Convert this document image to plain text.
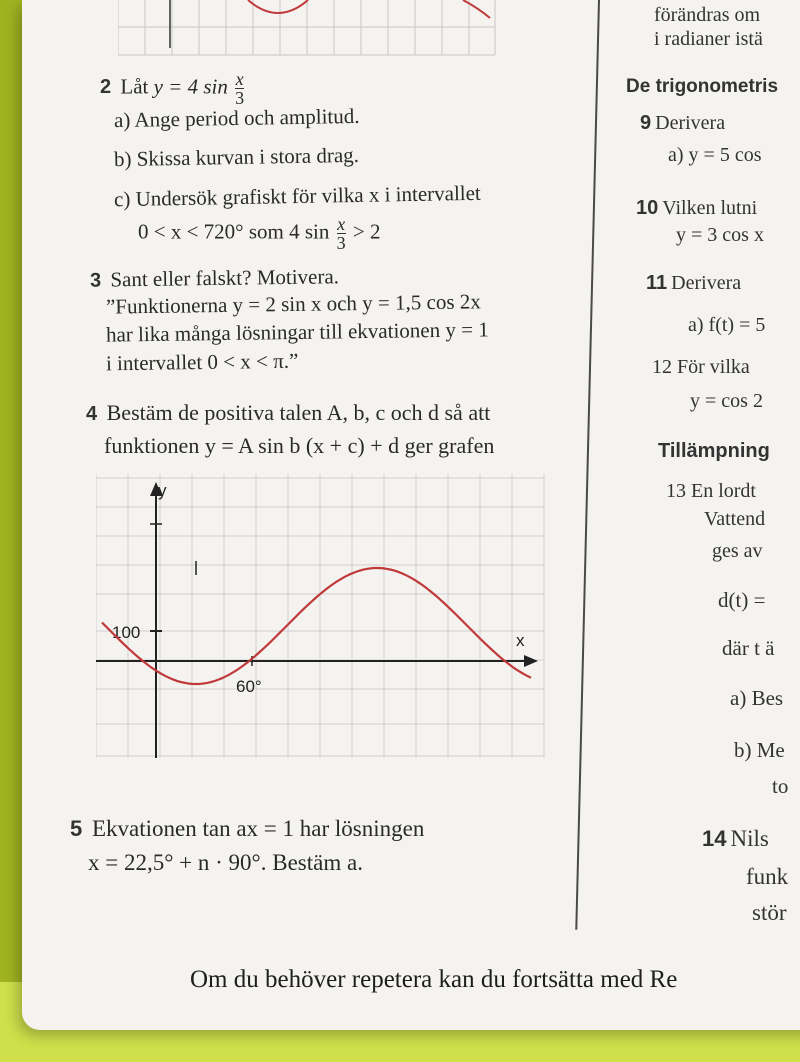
2 Låt y = 4 $\sin \frac{x}{3}$
a) Ange period och amplitud.
b) Skissa kurvan i stora drag.
c) Undersök grafiskt för vilka x i intervallet
0 < x < 720° som 4 $\sin \frac{x}{3} > 2$
3 Sant eller falskt? Motivera.
”Funktionerna y = 2 sin x och y = 1,5 cos 2x
har lika många lösningar till ekvationen y = 1
i intervallet 0 < x < π.”
4 Bestäm de positiva talen A, b, c och d så att
funktionen y = A sin b (x + c) + d ger grafen
y
x
100
60°
5 Ekvationen tan ax = 1 har lösningen
x = 22,5° + n · 90°. Bestäm a.
förändras om
i radianer istä
De trigonometris
9 Derivera
a) y = 5 cos
10 Vilken lutni
y = 3 cos x
11 Derivera
a) f(t) = 5
12 För vilka
y = cos 2
Tillämpning
13 En lordt
Vattend
ges av
d(t) =
där t ä
a) Bes
b) Me
to
14 Nils
funk
stör
Om du behöver repetera kan du fortsätta med Re
